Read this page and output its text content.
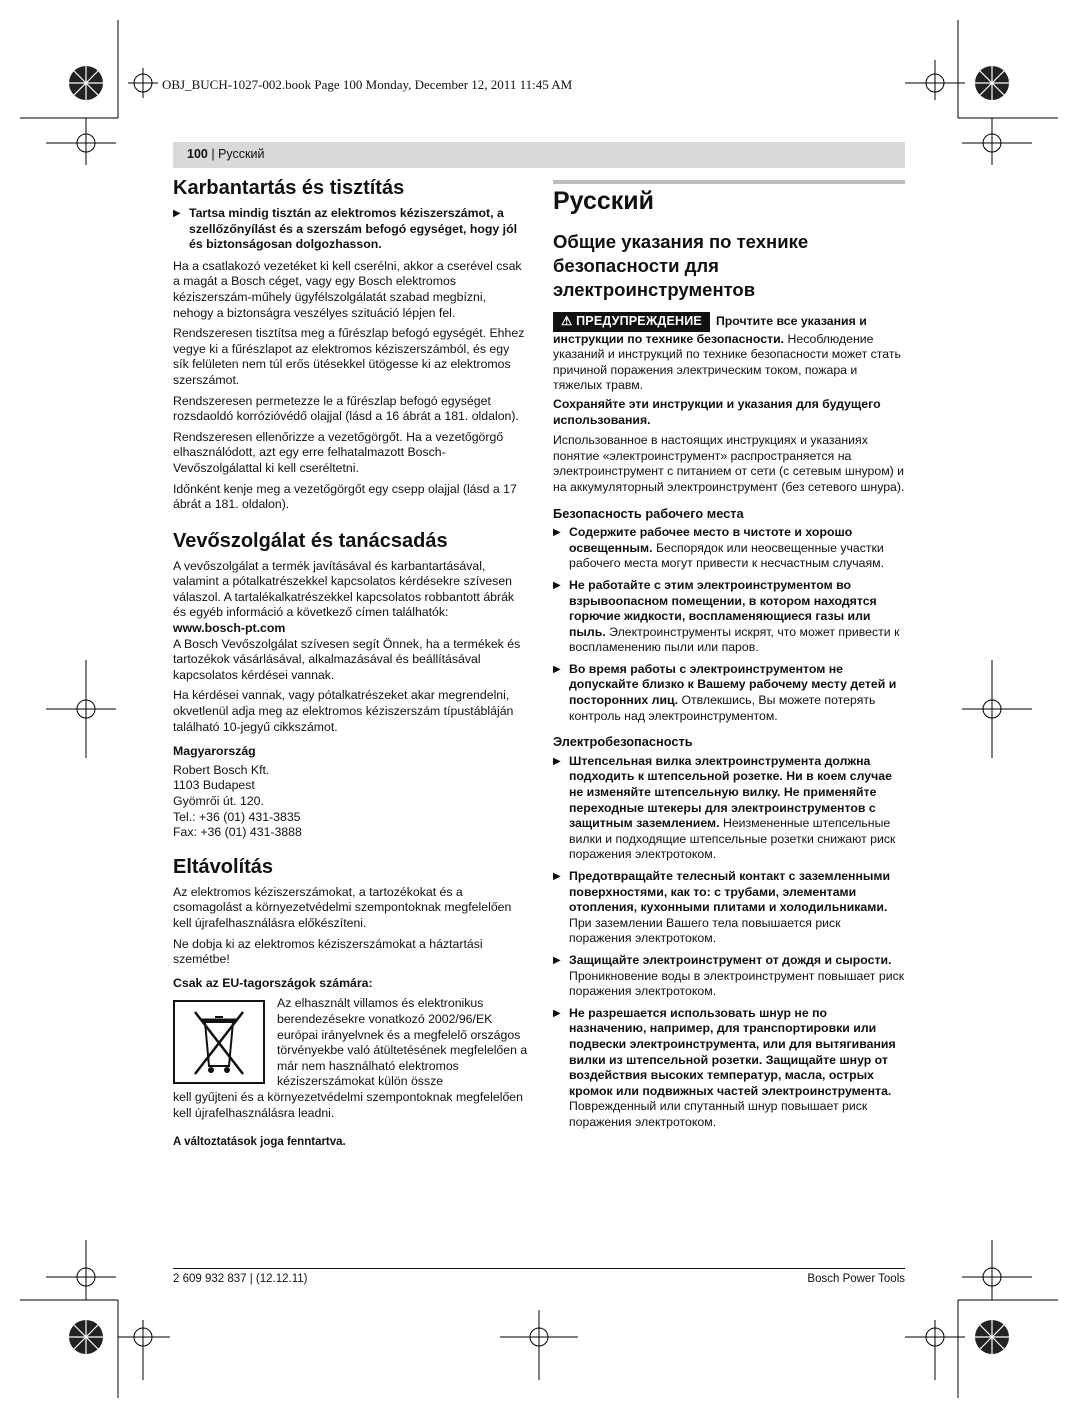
OBJ_BUCH-1027-002.book Page 100 Monday, December 12, 2011 11:45 AM
100 | Русский
Karbantartás és tisztítás
▶ Tartsa mindig tisztán az elektromos kéziszerszámot, a szellőzőnyílást és a szerszám befogó egységet, hogy jól és biztonságosan dolgozhasson.

Ha a csatlakozó vezetéket ki kell cserélni, akkor a cserével csak a magát a Bosch céget, vagy egy Bosch elektromos kéziszerszám-műhely ügyfélszolgálatát szabad megbízni, nehogy a biztonságra veszélyes szituáció lépjen fel.

Rendszeresen tisztítsa meg a fűrészlap befogó egységét. Ehhez vegye ki a fűrészlapot az elektromos kéziszerszámból, és egy sík felületen nem túl erős ütésekkel ütögesse ki az elektromos szerszámot.

Rendszeresen permetezze le a fűrészlap befogó egységet rozsdaoldó korrózióvédő olajjal (lásd a 16 ábrát a 181. oldalon).

Rendszeresen ellenőrizze a vezetőgörgőt. Ha a vezetőgörgő elhasználódott, azt egy erre felhatalmazott Bosch-Vevőszolgálattal ki kell cseréltetni.

Időnként kenje meg a vezetőgörgőt egy csepp olajjal (lásd a 17 ábrát a 181. oldalon).

Vevőszolgálat és tanácsadás

A vevőszolgálat a termék javításával és karbantartásával, valamint a pótalkatrészekkel kapcsolatos kérdésekre szívesen válaszol. A tartalékalkatrészekkel kapcsolatos robbantott ábrák és egyéb információ a következő címen találhatók:

www.bosch-pt.com

A Bosch Vevőszolgálat szívesen segít Önnek, ha a termékek és tartozékok vásárlásával, alkalmazásával és beállításával kapcsolatos kérdései vannak.

Ha kérdései vannak, vagy pótalkatrészeket akar megrendelni, okvetlenül adja meg az elektromos kéziszerszám típustábláján található 10-jegyű cikkszámot.

Magyarország

Robert Bosch Kft.
1103 Budapest
Gyömrői út. 120.
Tel.: +36 (01) 431-3835
Fax: +36 (01) 431-3888
Eltávolítás

Az elektromos kéziszerszámokat, a tartozékokat és a csomagolást a környezetvédelmi szempontoknak megfelelően kell újrafelhasználásra előkészíteni.

Ne dobja ki az elektromos kéziszerszámokat a háztartási szemétbe!

Csak az EU-tagországok számára:

Az elhasznált villamos és elektronikus berendezésekre vonatkozó 2002/96/EK európai irányelvnek és a megfelelő országos törvényekbe való átültetésének megfelelően a már nem használható elektromos kéziszerszámokat külön össze

kell gyűjteni és a környezetvédelmi szempontoknak megfelelően kell újrafelhasználásra leadni.

A változtatások joga fenntartva.

Русский
Общие указания по технике безопасности для электроинструментов

⚠ ПРЕДУПРЕЖДЕНИЕ Прочтите все указания и инструкции по технике безопасности. Несоблюдение указаний и инструкций по технике безопасности может стать причиной поражения электрическим током, пожара и тяжелых травм.

Сохраняйте эти инструкции и указания для будущего использования.

Использованное в настоящих инструкциях и указаниях понятие «электроинструмент» распространяется на электроинструмент с питанием от сети (с сетевым шнуром) и на аккумуляторный электроинструмент (без сетевого шнура).

Безопасность рабочего места
▶ Содержите рабочее место в чистоте и хорошо освещенным. Беспорядок или неосвещенные участки рабочего места могут привести к несчастным случаям.
▶ Не работайте с этим электроинструментом во взрывоопасном помещении, в котором находятся горючие жидкости, воспламеняющиеся газы или пыль. Электроинструменты искрят, что может привести к воспламенению пыли или паров.
▶ Во время работы с электроинструментом не допускайте близко к Вашему рабочему месту детей и посторонних лиц. Отвлекшись, Вы можете потерять контроль над электроинструментом.
Электробезопасность
▶ Штепсельная вилка электроинструмента должна подходить к штепсельной розетке. Ни в коем случае не изменяйте штепсельную вилку. Не применяйте переходные штекеры для электроинструментов с защитным заземлением. Неизмененные штепсельные вилки и подходящие штепсельные розетки снижают риск поражения электротоком.
▶ Предотвращайте телесный контакт с заземленными поверхностями, как то: с трубами, элементами отопления, кухонными плитами и холодильниками. При заземлении Вашего тела повышается риск поражения электротоком.
▶ Защищайте электроинструмент от дождя и сырости. Проникновение воды в электроинструмент повышает риск поражения электротоком.
▶ Не разрешается использовать шнур не по назначению, например, для транспортировки или подвески электроинструмента, или для вытягивания вилки из штепсельной розетки. Защищайте шнур от воздействия высоких температур, масла, острых кромок или подвижных частей электроинструмента. Поврежденный или спутанный шнур повышает риск поражения электротоком.
2 609 932 837 | (12.12.11)	Bosch Power Tools
